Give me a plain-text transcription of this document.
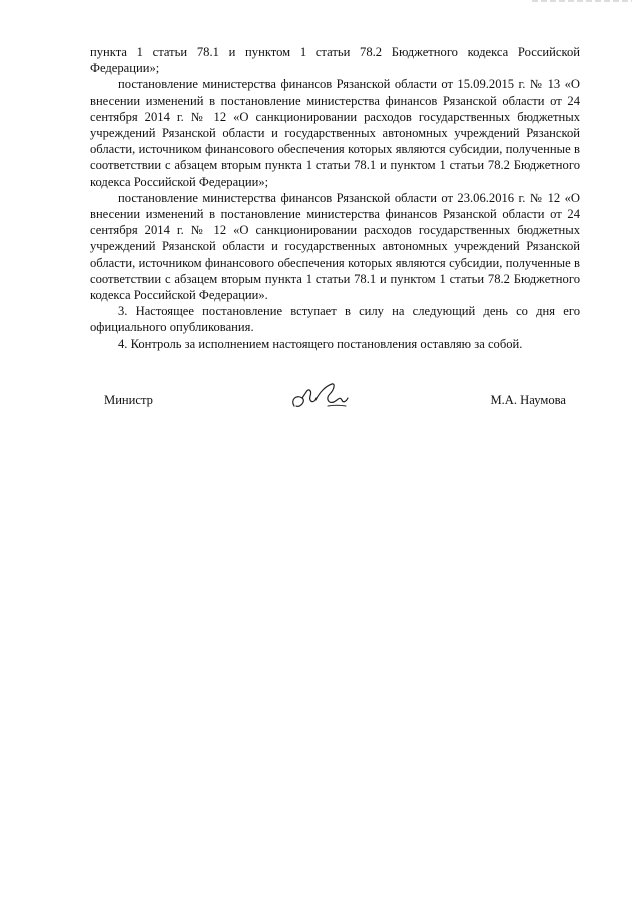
пункта 1 статьи 78.1 и пунктом 1 статьи 78.2 Бюджетного кодекса Российской Федерации»;

постановление министерства финансов Рязанской области от 15.09.2015 г. № 13 «О внесении изменений в постановление министерства финансов Рязанской области от 24 сентября 2014 г. № 12 «О санкционировании расходов государственных бюджетных учреждений Рязанской области и государственных автономных учреждений Рязанской области, источником финансового обеспечения которых являются субсидии, полученные в соответствии с абзацем вторым пункта 1 статьи 78.1 и пунктом 1 статьи 78.2 Бюджетного кодекса Российской Федерации»;

постановление министерства финансов Рязанской области от 23.06.2016 г. № 12 «О внесении изменений в постановление министерства финансов Рязанской области от 24 сентября 2014 г. № 12 «О санкционировании расходов государственных бюджетных учреждений Рязанской области и государственных автономных учреждений Рязанской области, источником финансового обеспечения которых являются субсидии, полученные в соответствии с абзацем вторым пункта 1 статьи 78.1 и пунктом 1 статьи 78.2 Бюджетного кодекса Российской Федерации».

3. Настоящее постановление вступает в силу на следующий день со дня его официального опубликования.

4. Контроль за исполнением настоящего постановления оставляю за собой.

Министр	М.А. Наумова
